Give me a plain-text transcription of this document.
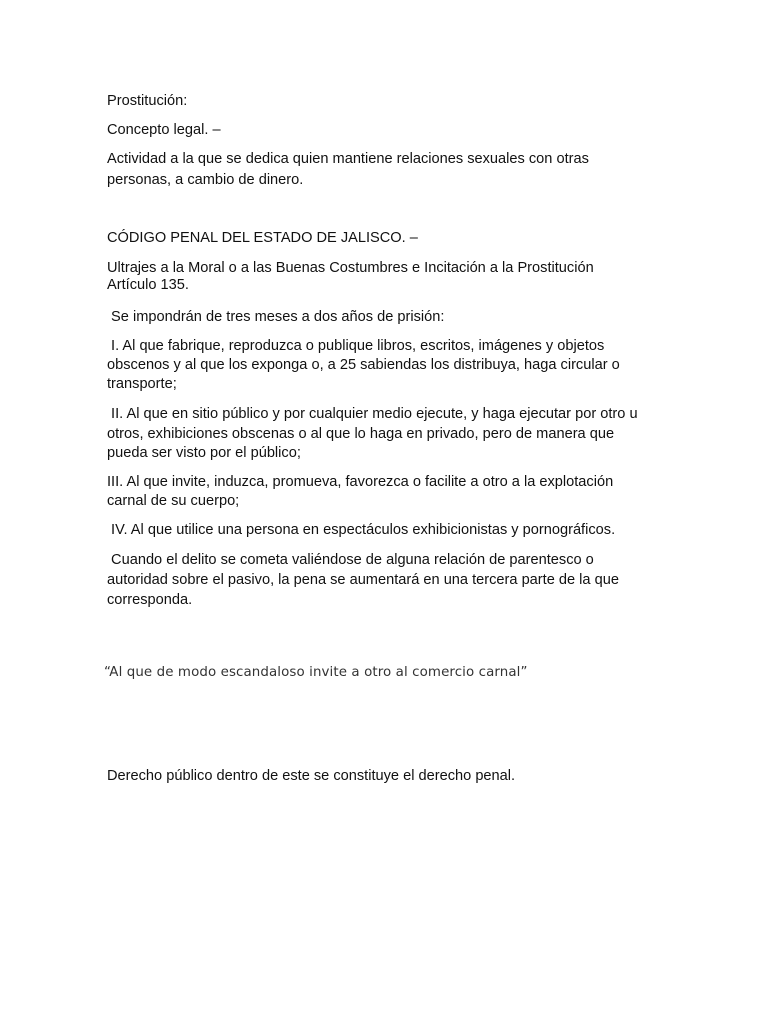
Prostitución:

Concepto legal. –

Actividad a la que se dedica quien mantiene relaciones sexuales con otras

personas, a cambio de dinero.

CÓDIGO PENAL DEL ESTADO DE JALISCO. –

Ultrajes a la Moral o a las Buenas Costumbres e Incitación a la Prostitución

Artículo 135.

Se impondrán de tres meses a dos años de prisión:

I. Al que fabrique, reproduzca o publique libros, escritos, imágenes y objetos

obscenos y al que los exponga o, a 25 sabiendas los distribuya, haga circular o

transporte;

II. Al que en sitio público y por cualquier medio ejecute, y haga ejecutar por otro u

otros, exhibiciones obscenas o al que lo haga en privado, pero de manera que

pueda ser visto por el público;

III. Al que invite, induzca, promueva, favorezca o facilite a otro a la explotación

carnal de su cuerpo;

IV. Al que utilice una persona en espectáculos exhibicionistas y pornográficos.

Cuando el delito se cometa valiéndose de alguna relación de parentesco o

autoridad sobre el pasivo, la pena se aumentará en una tercera parte de la que

corresponda.

“Al que de modo escandaloso invite a otro al comercio carnal”

Derecho público dentro de este se constituye el derecho penal.
